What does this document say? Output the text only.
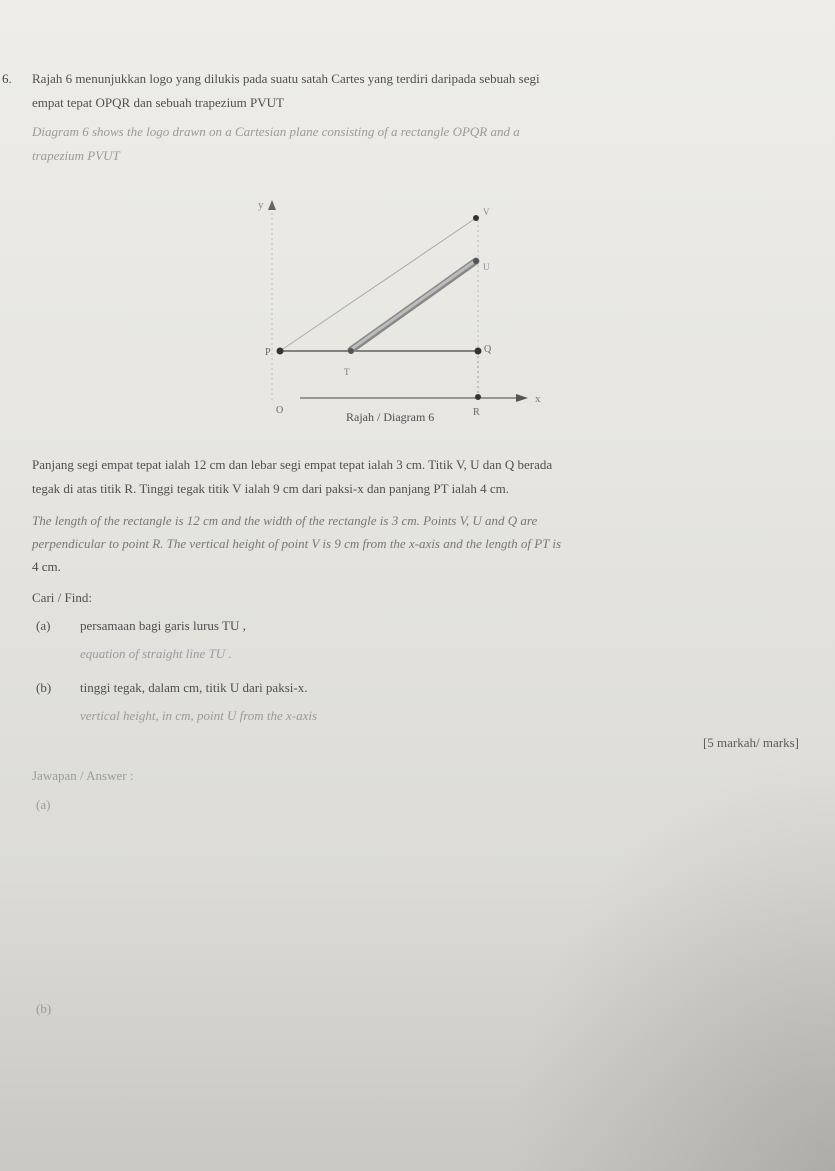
6. Rajah 6 menunjukkan logo yang dilukis pada suatu satah Cartes yang terdiri daripada sebuah segi
empat tepat OPQR dan sebuah trapezium PVUT
Diagram 6 shows the logo drawn on a Cartesian plane consisting of a rectangle OPQR and a
trapezium PVUT
y
x
P	Q
T
O	R
V
U
Rajah / Diagram 6
Panjang segi empat tepat ialah 12 cm dan lebar segi empat tepat ialah 3 cm. Titik V, U dan Q berada
tegak di atas titik R. Tinggi tegak titik V ialah 9 cm dari paksi-x dan panjang PT ialah 4 cm.
The length of the rectangle is 12 cm and the width of the rectangle is 3 cm. Points V, U and Q are
perpendicular to point R. The vertical height of point V is 9 cm from the x-axis and the length of PT is
4 cm.
Cari / Find:
(a) persamaan bagi garis lurus TU ,
equation of straight line TU .
(b) tinggi tegak, dalam cm, titik U dari paksi-x.
vertical height, in cm, point U from the x-axis
[5 markah/ marks]
Jawapan / Answer :
(a)
(b)
